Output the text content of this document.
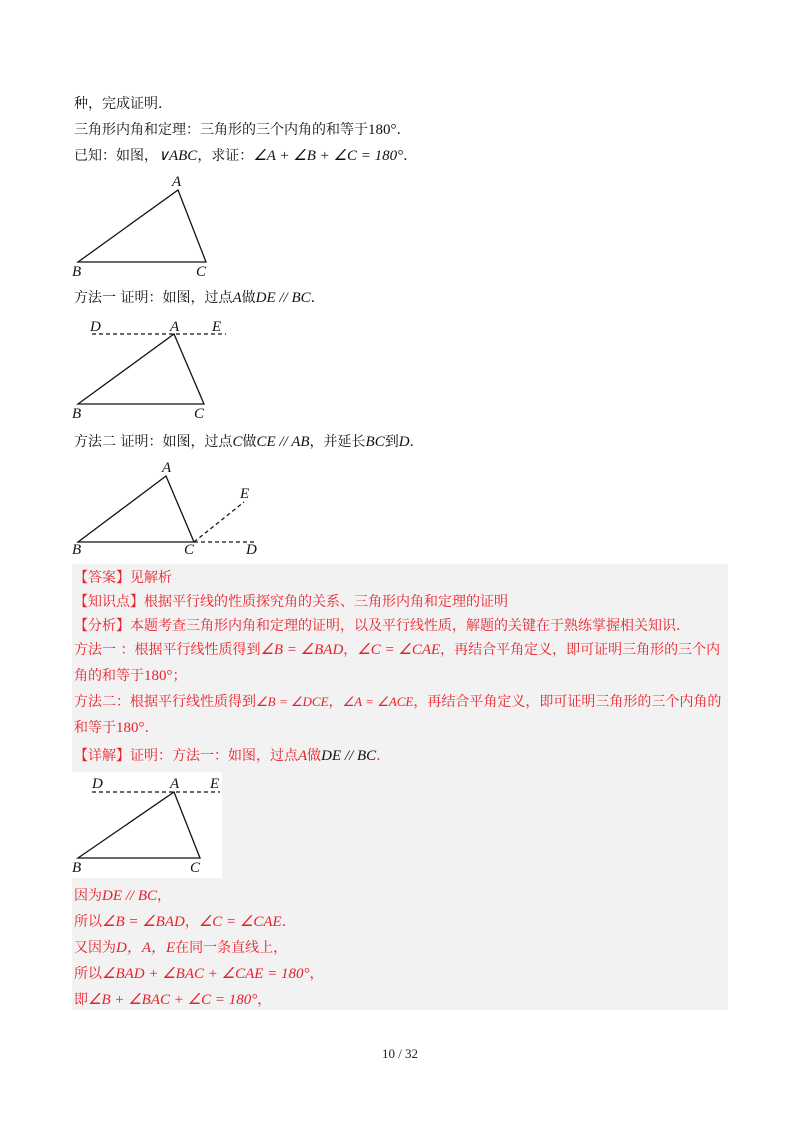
种，完成证明.
三角形内角和定理：三角形的三个内角的和等于180°.
已知：如图，∨ABC，求证：∠A + ∠B + ∠C = 180°.
A
B	C
方法一 证明：如图，过点A做DE // BC.
D	A E
B	C
方法二 证明：如图，过点C做CE // AB，并延长BC到D.
A
E
B	C	D
【答案】见解析
【知识点】根据平行线的性质探究角的关系、三角形内角和定理的证明
【分析】本题考查三角形内角和定理的证明，以及平行线性质，解题的关键在于熟练掌握相关知识.
方法一 ：根据平行线性质得到∠B = ∠BAD，∠C = ∠CAE，再结合平角定义，即可证明三角形的三个内
角的和等于180°；
方法二：根据平行线性质得到∠B = ∠DCE，∠A = ∠ACE，再结合平角定义，即可证明三角形的三个内角的
和等于180°.
【详解】证明：方法一：如图，过点A做DE // BC.
D	A E
B	C
因为DE // BC，
所以∠B = ∠BAD，∠C = ∠CAE.
又因为D，A，E在同一条直线上，
所以∠BAD + ∠BAC + ∠CAE = 180°，
即∠B + ∠BAC + ∠C = 180°，
10 / 32
